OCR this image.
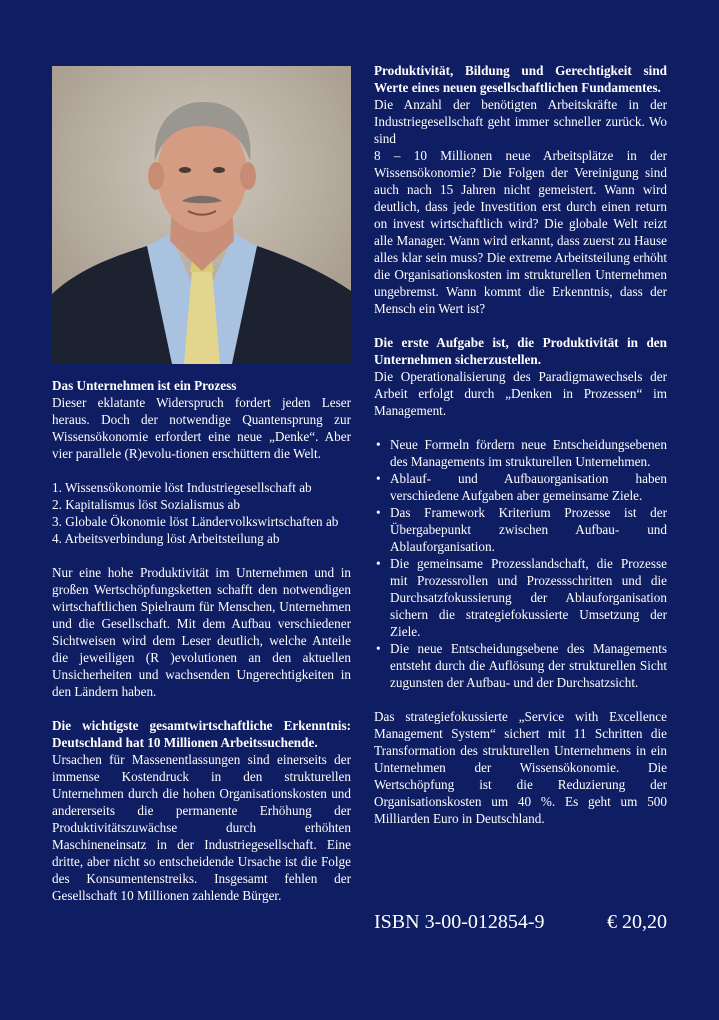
Das Unternehmen ist ein Prozess

Dieser eklatante Widerspruch fordert jeden Leser heraus. Doch der notwendige Quantensprung zur Wissensökonomie erfordert eine neue „Denke“. Aber vier parallele (R)evolu-tionen erschüttern die Welt.

1. Wissensökonomie löst Industriegesellschaft ab
2. Kapitalismus löst Sozialismus ab
3. Globale Ökonomie löst Ländervolkswirtschaften ab
4. Arbeitsverbindung löst Arbeitsteilung ab

Nur eine hohe Produktivität im Unternehmen und in großen Wertschöpfungsketten schafft den notwendigen wirtschaftlichen Spielraum für Menschen, Unternehmen und die Gesellschaft. Mit dem Aufbau verschiedener Sichtweisen wird dem Leser deutlich, welche Anteile die jeweiligen (R )evolutionen an den aktuellen Unsicherheiten und wachsenden Ungerechtigkeiten in den Ländern haben.

Die wichtigste gesamtwirtschaftliche Erkenntnis: Deutschland hat 10 Millionen Arbeitssuchende.

Ursachen für Massenentlassungen sind einerseits der immense Kostendruck in den strukturellen Unternehmen durch die hohen Organisationskosten und andererseits die permanente Erhöhung der Produktivitätszuwächse durch erhöhten Maschineneinsatz in der Industriegesellschaft. Eine dritte, aber nicht so entscheidende Ursache ist die Folge des Konsumentenstreiks. Insgesamt fehlen der Gesellschaft 10 Millionen zahlende Bürger.

Produktivität, Bildung und Gerechtigkeit sind Werte eines neuen gesellschaftlichen Fundamentes.

Die Anzahl der benötigten Arbeitskräfte in der Industriegesellschaft geht immer schneller zurück. Wo sind

8 – 10 Millionen neue Arbeitsplätze in der Wissensökonomie? Die Folgen der Vereinigung sind auch nach 15 Jahren nicht gemeistert. Wann wird deutlich, dass jede Investition erst durch einen return on invest wirtschaftlich wird? Die globale Welt reizt alle Manager. Wann wird erkannt, dass zuerst zu Hause alles klar sein muss? Die extreme Arbeitsteilung erhöht die Organisationskosten im strukturellen Unternehmen ungebremst. Wann kommt die Erkenntnis, dass der Mensch ein Wert ist?

Die erste Aufgabe ist, die Produktivität in den Unternehmen sicherzustellen.

Die Operationalisierung des Paradigmawechsels der Arbeit erfolgt durch „Denken in Prozessen“ im Management.

• Neue Formeln fördern neue Entscheidungsebenen des Managements im strukturellen Unternehmen.
• Ablauf- und Aufbauorganisation haben verschiedene Aufgaben aber gemeinsame Ziele.
• Das Framework Kriterium Prozesse ist der Übergabepunkt zwischen Aufbau- und Ablauforganisation.
• Die gemeinsame Prozesslandschaft, die Prozesse mit Prozessrollen und Prozessschritten und die Durchsatzfokussierung der Ablauforganisation sichern die strategiefokussierte Umsetzung der Ziele.
• Die neue Entscheidungsebene des Managements entsteht durch die Auflösung der strukturellen Sicht zugunsten der Aufbau- und der Durchsatzsicht.

Das strategiefokussierte „Service with Excellence Management System“ sichert mit 11 Schritten die Transformation des strukturellen Unternehmens in ein Unternehmen der Wissensökonomie. Die Wertschöpfung ist die Reduzierung der Organisationskosten um 40 %. Es geht um 500 Milliarden Euro in Deutschland.

ISBN 3-00-012854-9	€ 20,20
